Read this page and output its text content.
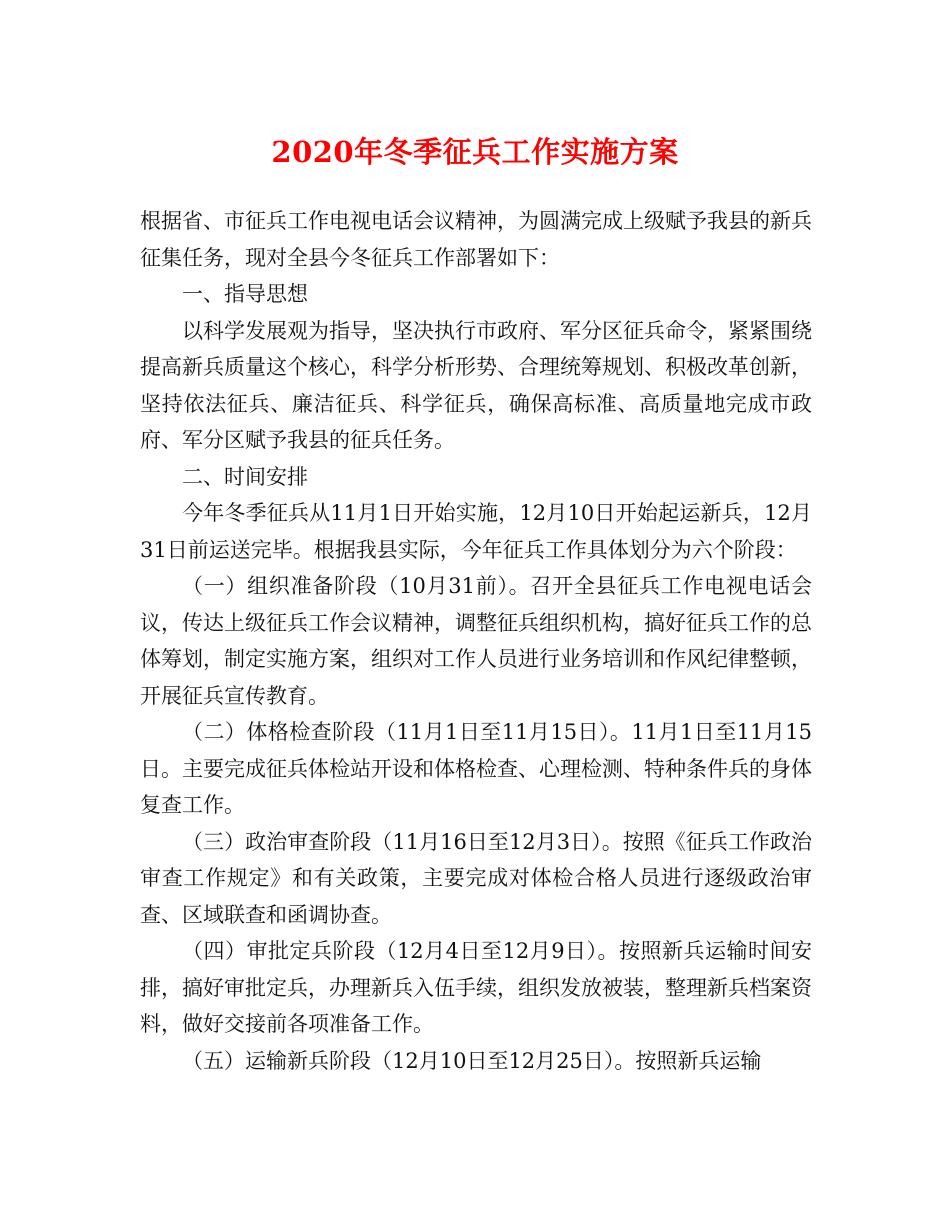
2020年冬季征兵工作实施方案

根据省、市征兵工作电视电话会议精神，为圆满完成上级赋予我县的新兵征集任务，现对全县今冬征兵工作部署如下：

一、指导思想

以科学发展观为指导，坚决执行市政府、军分区征兵命令，紧紧围绕提高新兵质量这个核心，科学分析形势、合理统筹规划、积极改革创新，坚持依法征兵、廉洁征兵、科学征兵，确保高标准、高质量地完成市政府、军分区赋予我县的征兵任务。

二、时间安排

今年冬季征兵从11月1日开始实施，12月10日开始起运新兵，12月31日前运送完毕。根据我县实际，今年征兵工作具体划分为六个阶段：

（一）组织准备阶段（10月31前）。召开全县征兵工作电视电话会议，传达上级征兵工作会议精神，调整征兵组织机构，搞好征兵工作的总体筹划，制定实施方案，组织对工作人员进行业务培训和作风纪律整顿，开展征兵宣传教育。

（二）体格检查阶段（11月1日至11月15日）。11月1日至11月15日。主要完成征兵体检站开设和体格检查、心理检测、特种条件兵的身体复查工作。

（三）政治审查阶段（11月16日至12月3日）。按照《征兵工作政治审查工作规定》和有关政策，主要完成对体检合格人员进行逐级政治审查、区域联查和函调协查。

（四）审批定兵阶段（12月4日至12月9日）。按照新兵运输时间安排，搞好审批定兵，办理新兵入伍手续，组织发放被装，整理新兵档案资料，做好交接前各项准备工作。

（五）运输新兵阶段（12月10日至12月25日）。按照新兵运输
